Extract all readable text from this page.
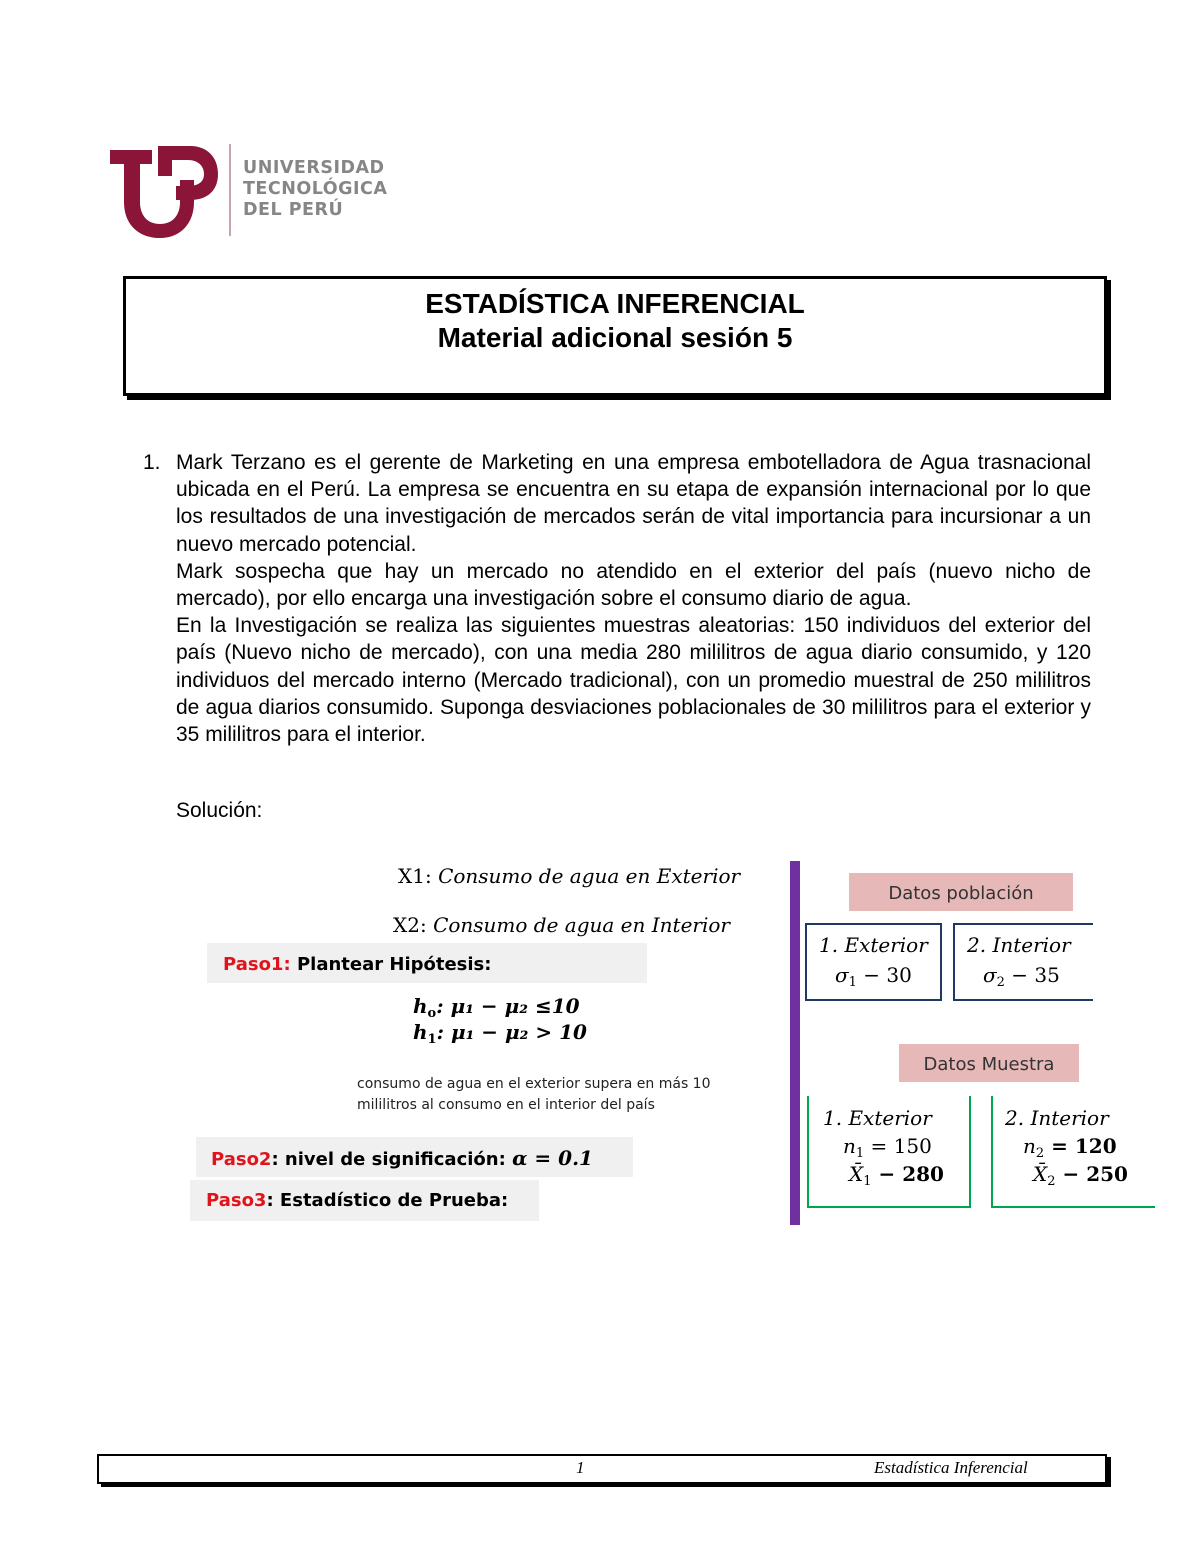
UNIVERSIDAD
TECNOLÓGICA
DEL PERÚ
ESTADÍSTICA INFERENCIAL
Material adicional sesión 5
1. Mark Terzano es el gerente de Marketing en una empresa embotelladora de Agua trasnacional ubicada en el Perú. La empresa se encuentra en su etapa de expansión internacional por lo que los resultados de una investigación de mercados serán de vital importancia para incursionar a un nuevo mercado potencial.

Mark sospecha que hay un mercado no atendido en el exterior del país (nuevo nicho de mercado), por ello encarga una investigación sobre el consumo diario de agua.

En la Investigación se realiza las siguientes muestras aleatorias: 150 individuos del exterior del país (Nuevo nicho de mercado), con una media 280 mililitros de agua diario consumido, y 120 individuos del mercado interno (Mercado tradicional), con un promedio muestral de 250 mililitros de agua diarios consumido. Suponga desviaciones poblacionales de 30 mililitros para el exterior y 35 mililitros para el interior.

Solución:
X1: Consumo de agua en Exterior
X2: Consumo de agua en Interior
Paso1: Plantear Hipótesis:
$h_o$: μ₁ − μ₂ ≤10
$h_1$: μ₁ − μ₂ > 10
consumo de agua en el exterior supera en más 10 mililitros al consumo en el interior del país
Paso2: nivel de significación: α = 0.1
Paso3: Estadístico de Prueba:
Datos población
1. Exterior
$\sigma_1 - 30$
2. Interior
$\sigma_2 - 35$
Datos Muestra
1. Exterior
$n_1 = 150$
$X̄_1 - 280$
2. Interior
$n_2 = 120$
$X̄_2 - 250$
1	Estadística Inferencial
